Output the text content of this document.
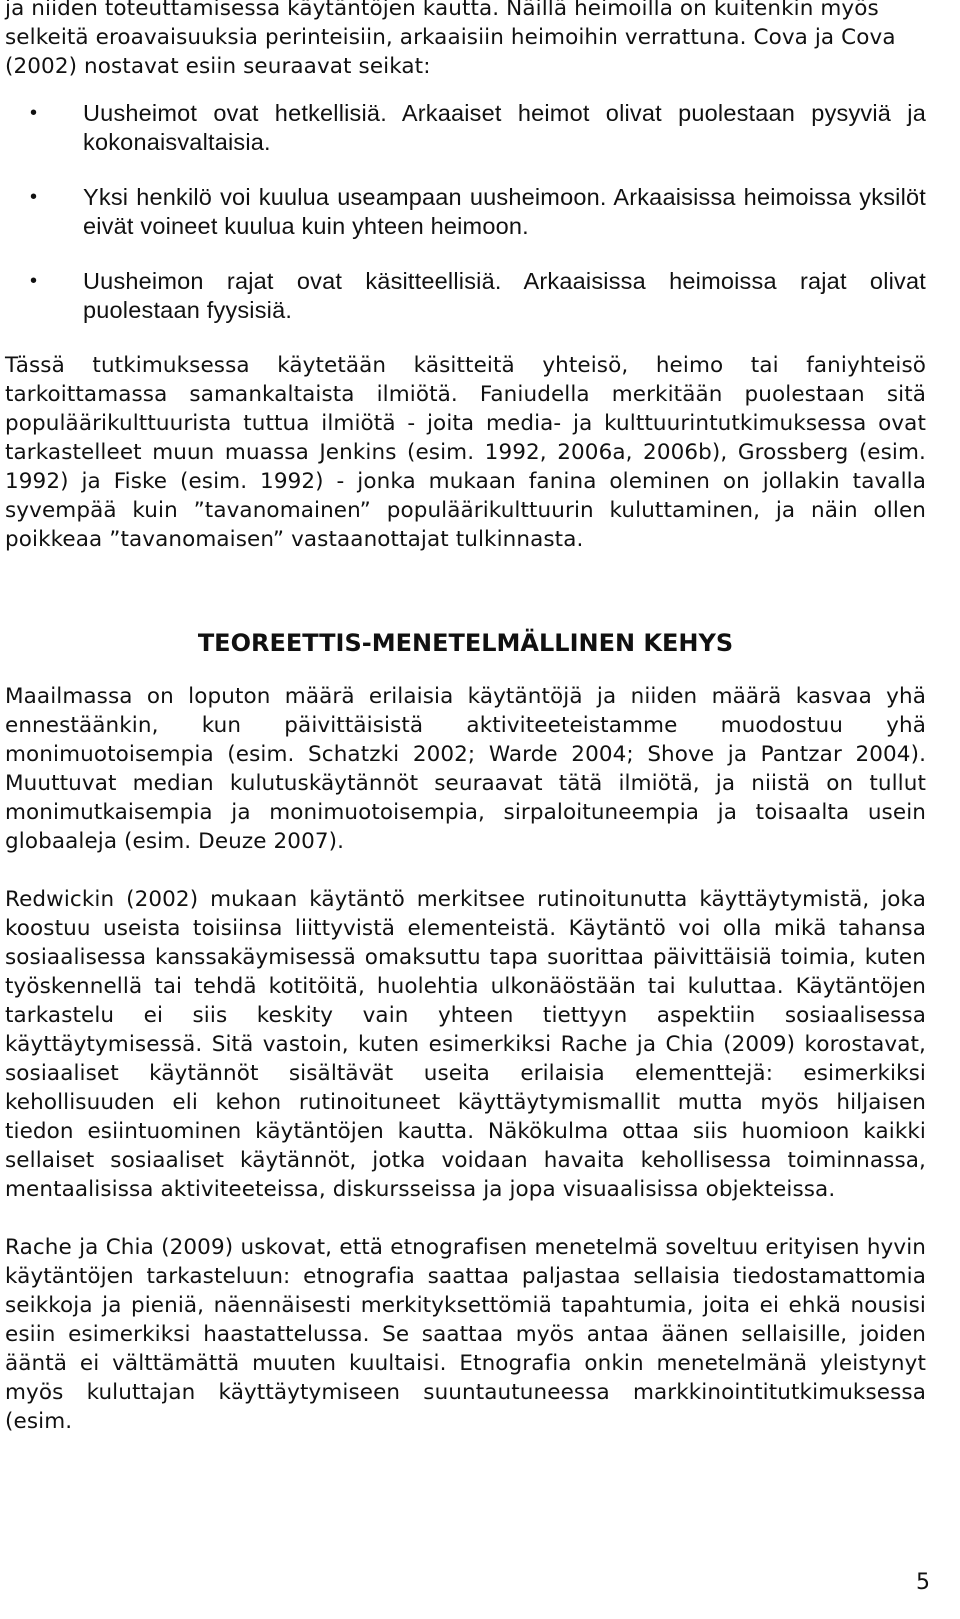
ja niiden toteuttamisessa käytäntöjen kautta. Näillä heimoilla on kuitenkin myös selkeitä eroavaisuuksia perinteisiin, arkaaisiin heimoihin verrattuna. Cova ja Cova (2002) nostavat esiin seuraavat seikat:

• Uusheimot ovat hetkellisiä. Arkaaiset heimot olivat puolestaan pysyviä ja kokonaisvaltaisia.
• Yksi henkilö voi kuulua useampaan uusheimoon. Arkaaisissa heimoissa yksilöt eivät voineet kuulua kuin yhteen heimoon.
• Uusheimon rajat ovat käsitteellisiä. Arkaaisissa heimoissa rajat olivat puolestaan fyysisiä.

Tässä tutkimuksessa käytetään käsitteitä yhteisö, heimo tai faniyhteisö tarkoittamassa samankaltaista ilmiötä. Faniudella merkitään puolestaan sitä populäärikulttuurista tuttua ilmiötä - joita media- ja kulttuurintutkimuksessa ovat tarkastelleet muun muassa Jenkins (esim. 1992, 2006a, 2006b), Grossberg (esim. 1992) ja Fiske (esim. 1992) - jonka mukaan fanina oleminen on jollakin tavalla syvempää kuin ”tavanomainen” populäärikulttuurin kuluttaminen, ja näin ollen poikkeaa ”tavanomaisen” vastaanottajat tulkinnasta.

TEOREETTIS-MENETELMÄLLINEN KEHYS

Maailmassa on loputon määrä erilaisia käytäntöjä ja niiden määrä kasvaa yhä ennestäänkin, kun päivittäisistä aktiviteeteistamme muodostuu yhä monimuotoisempia (esim. Schatzki 2002; Warde 2004; Shove ja Pantzar 2004). Muuttuvat median kulutuskäytännöt seuraavat tätä ilmiötä, ja niistä on tullut monimutkaisempia ja monimuotoisempia, sirpaloituneempia ja toisaalta usein globaaleja (esim. Deuze 2007).

Redwickin (2002) mukaan käytäntö merkitsee rutinoitunutta käyttäytymistä, joka koostuu useista toisiinsa liittyvistä elementeistä. Käytäntö voi olla mikä tahansa sosiaalisessa kanssakäymisessä omaksuttu tapa suorittaa päivittäisiä toimia, kuten työskennellä tai tehdä kotitöitä, huolehtia ulkonäöstään tai kuluttaa. Käytäntöjen tarkastelu ei siis keskity vain yhteen tiettyyn aspektiin sosiaalisessa käyttäytymisessä. Sitä vastoin, kuten esimerkiksi Rache ja Chia (2009) korostavat, sosiaaliset käytännöt sisältävät useita erilaisia elementtejä: esimerkiksi kehollisuuden eli kehon rutinoituneet käyttäytymismallit mutta myös hiljaisen tiedon esiintuominen käytäntöjen kautta. Näkökulma ottaa siis huomioon kaikki sellaiset sosiaaliset käytännöt, jotka voidaan havaita kehollisessa toiminnassa, mentaalisissa aktiviteeteissa, diskursseissa ja jopa visuaalisissa objekteissa.

Rache ja Chia (2009) uskovat, että etnografisen menetelmä soveltuu erityisen hyvin käytäntöjen tarkasteluun: etnografia saattaa paljastaa sellaisia tiedostamattomia seikkoja ja pieniä, näennäisesti merkityksettömiä tapahtumia, joita ei ehkä nousisi esiin esimerkiksi haastattelussa. Se saattaa myös antaa äänen sellaisille, joiden ääntä ei välttämättä muuten kuultaisi. Etnografia onkin menetelmänä yleistynyt myös kuluttajan käyttäytymiseen suuntautuneessa markkinointitutkimuksessa (esim.

5
